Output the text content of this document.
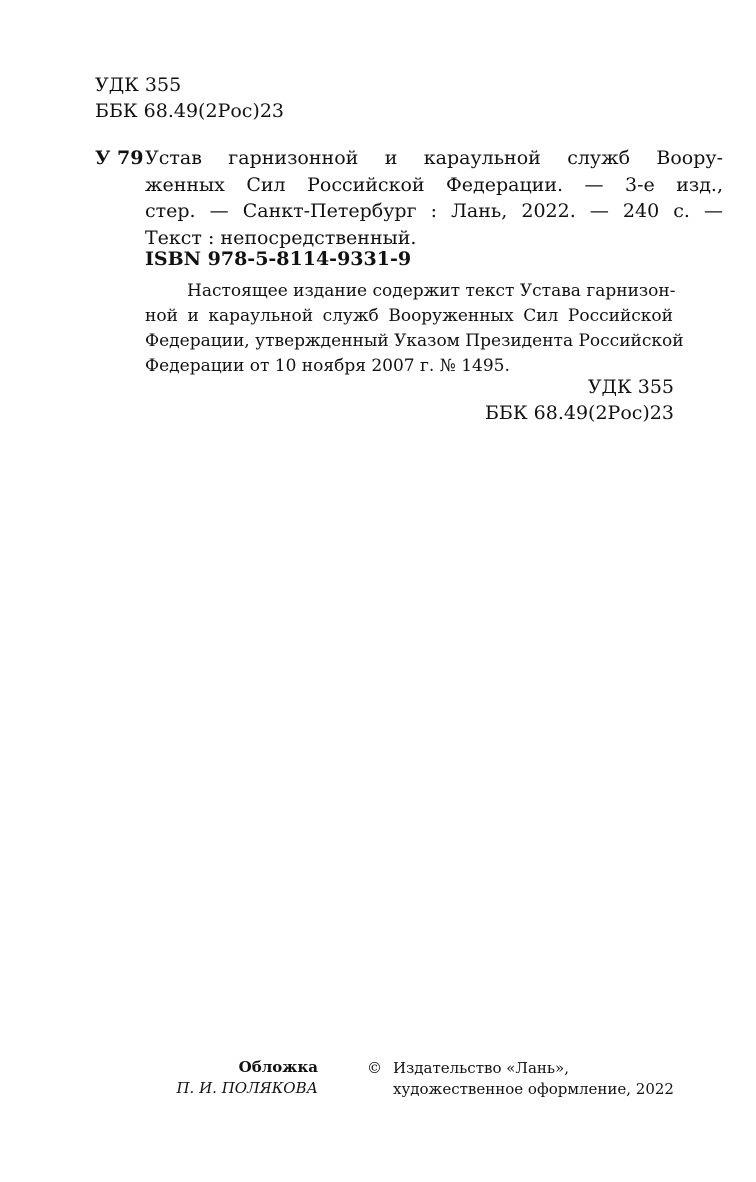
УДК 355
ББК 68.49(2Рос)23
У 79 Устав гарнизонной и караульной служб Воору-
женных Сил Российской Федерации. — 3-е изд.,
стер. — Санкт-Петербург : Лань, 2022. — 240 с. —
Текст : непосредственный.
ISBN 978-5-8114-9331-9
Настоящее издание содержит текст Устава гарнизон-
ной и караульной служб Вооруженных Сил Российской
Федерации, утвержденный Указом Президента Российской
Федерации от 10 ноября 2007 г. № 1495.
УДК 355
ББК 68.49(2Рос)23
Обложка
П. И. ПОЛЯКОВА
© Издательство «Лань»,
художественное оформление, 2022
